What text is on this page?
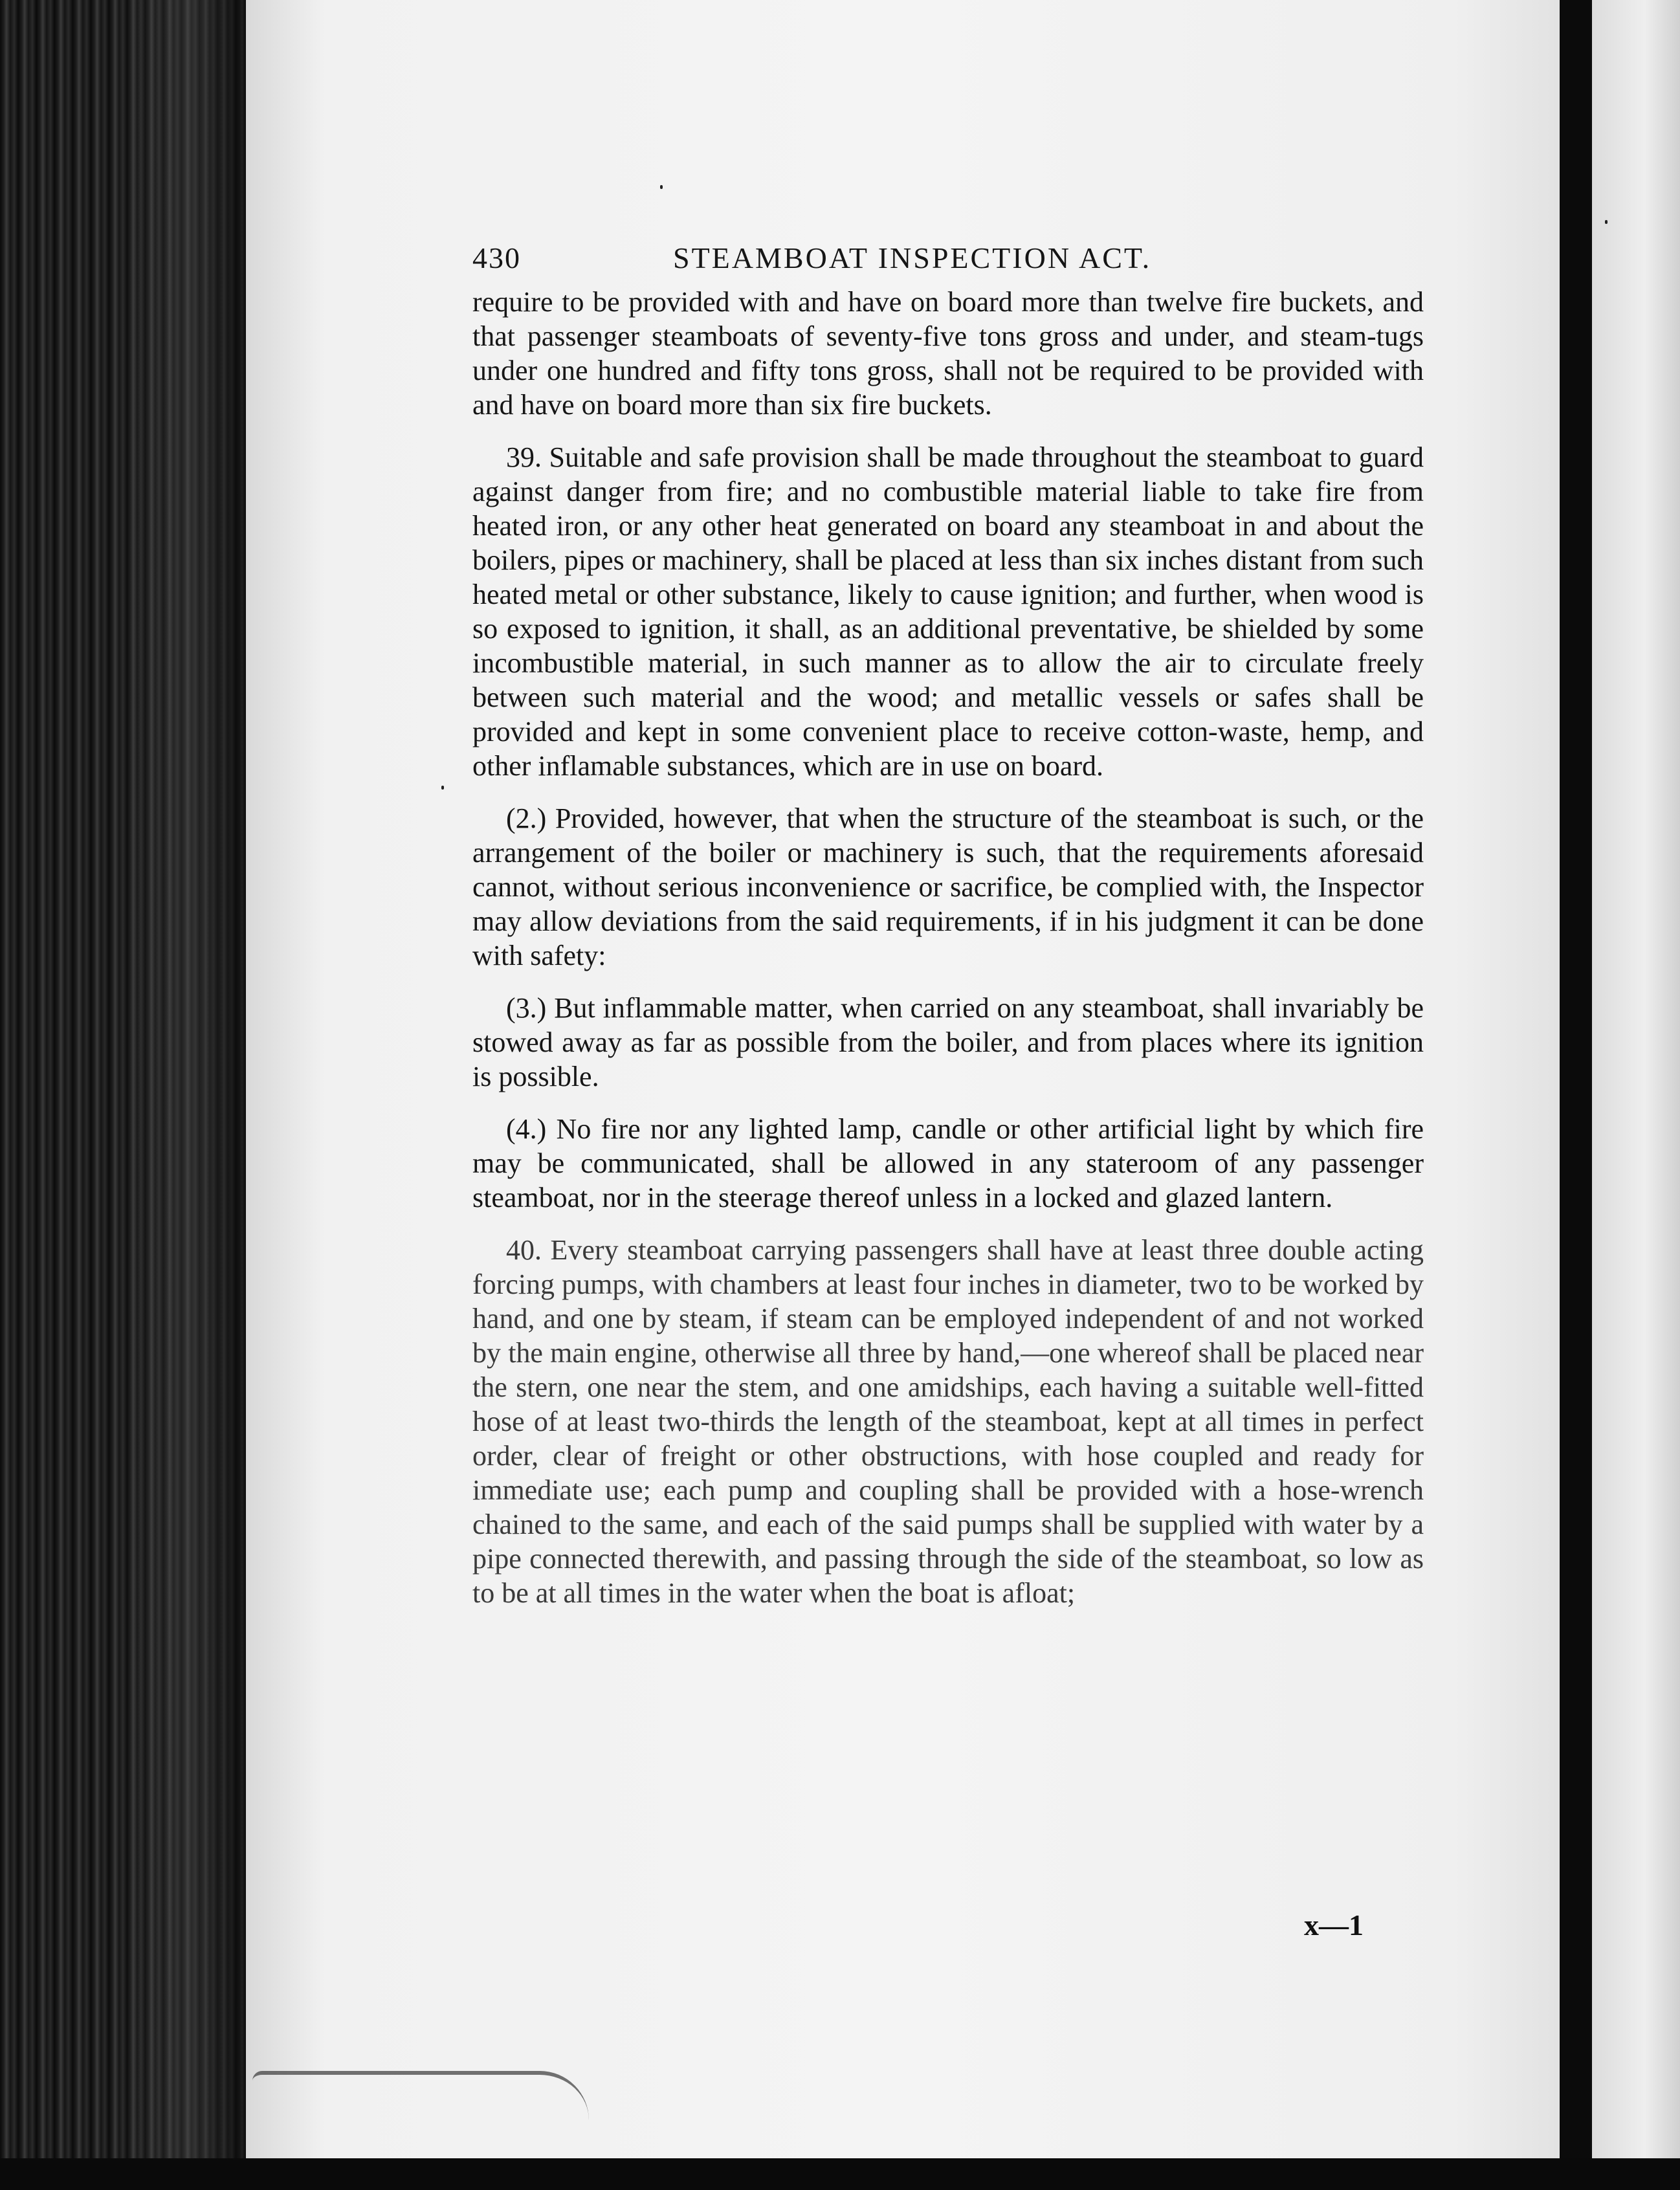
430	STEAMBOAT INSPECTION ACT.

require to be provided with and have on board more than twelve fire buckets, and that passenger steamboats of seventy-five tons gross and under, and steam-tugs under one hundred and fifty tons gross, shall not be required to be provided with and have on board more than six fire buckets.

39. Suitable and safe provision shall be made throughout the steamboat to guard against danger from fire; and no combustible material liable to take fire from heated iron, or any other heat generated on board any steamboat in and about the boilers, pipes or machinery, shall be placed at less than six inches distant from such heated metal or other substance, likely to cause ignition; and further, when wood is so exposed to ignition, it shall, as an additional preventative, be shielded by some incombustible material, in such manner as to allow the air to circulate freely between such material and the wood; and metallic vessels or safes shall be provided and kept in some convenient place to receive cotton-waste, hemp, and other inflamable substances, which are in use on board.

(2.) Provided, however, that when the structure of the steamboat is such, or the arrangement of the boiler or machinery is such, that the requirements aforesaid cannot, without serious inconvenience or sacrifice, be complied with, the Inspector may allow deviations from the said requirements, if in his judgment it can be done with safety:

(3.) But inflammable matter, when carried on any steamboat, shall invariably be stowed away as far as possible from the boiler, and from places where its ignition is possible.

(4.) No fire nor any lighted lamp, candle or other artificial light by which fire may be communicated, shall be allowed in any stateroom of any passenger steamboat, nor in the steerage thereof unless in a locked and glazed lantern.

40. Every steamboat carrying passengers shall have at least three double acting forcing pumps, with chambers at least four inches in diameter, two to be worked by hand, and one by steam, if steam can be employed independent of and not worked by the main engine, otherwise all three by hand,—one whereof shall be placed near the stern, one near the stem, and one amidships, each having a suitable well-fitted hose of at least two-thirds the length of the steamboat, kept at all times in perfect order, clear of freight or other obstructions, with hose coupled and ready for immediate use; each pump and coupling shall be provided with a hose-wrench chained to the same, and each of the said pumps shall be supplied with water by a pipe connected therewith, and passing through the side of the steamboat, so low as to be at all times in the water when the boat is afloat;

x—1
